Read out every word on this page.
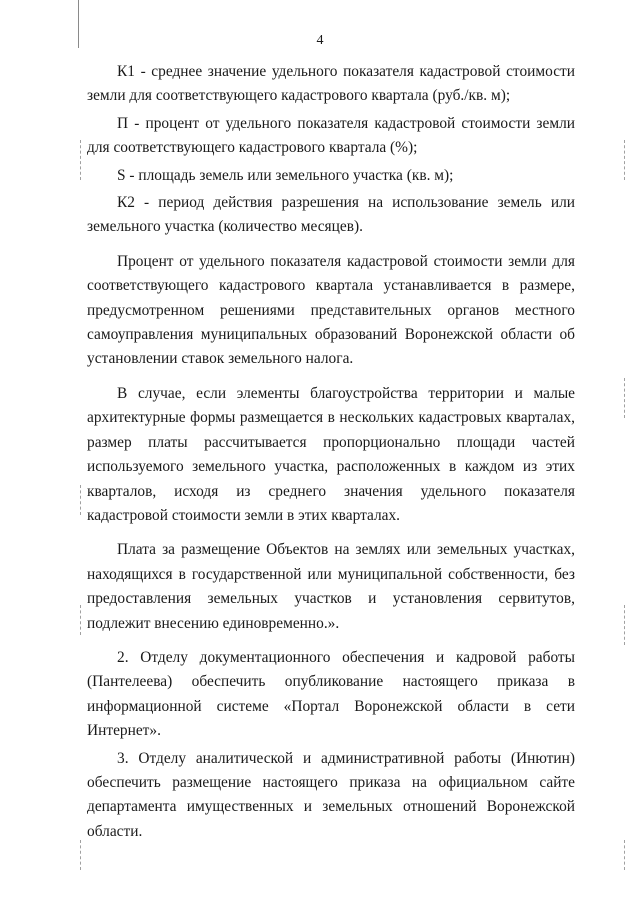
4

К1 - среднее значение удельного показателя кадастровой стоимости земли для соответствующего кадастрового квартала (руб./кв. м);

П - процент от удельного показателя кадастровой стоимости земли для соответствующего кадастрового квартала (%);

S - площадь земель или земельного участка (кв. м);

К2 - период действия разрешения на использование земель или земельного участка (количество месяцев).

Процент от удельного показателя кадастровой стоимости земли для соответствующего кадастрового квартала устанавливается в размере, предусмотренном решениями представительных органов местного самоуправления муниципальных образований Воронежской области об установлении ставок земельного налога.

В случае, если элементы благоустройства территории и малые архитектурные формы размещается в нескольких кадастровых кварталах, размер платы рассчитывается пропорционально площади частей используемого земельного участка, расположенных в каждом из этих кварталов, исходя из среднего значения удельного показателя кадастровой стоимости земли в этих кварталах.

Плата за размещение Объектов на землях или земельных участках, находящихся в государственной или муниципальной собственности, без предоставления земельных участков и установления сервитутов, подлежит внесению единовременно.».

2. Отделу документационного обеспечения и кадровой работы (Пантелеева) обеспечить опубликование настоящего приказа в информационной системе «Портал Воронежской области в сети Интернет».

3. Отделу аналитической и административной работы (Инютин) обеспечить размещение настоящего приказа на официальном сайте департамента имущественных и земельных отношений Воронежской области.
